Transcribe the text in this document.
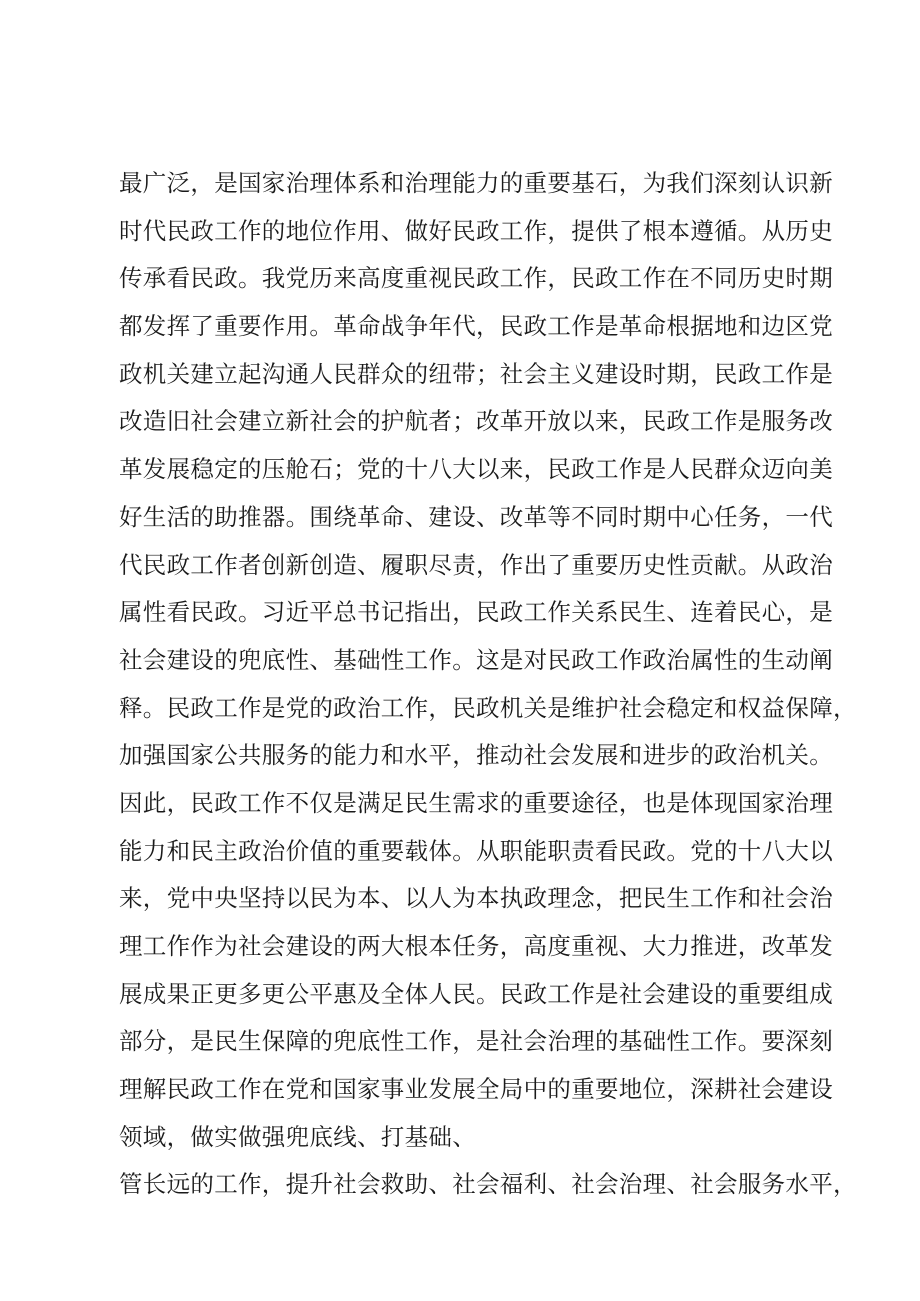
最广泛，是国家治理体系和治理能力的重要基石，为我们深刻认识新
时代民政工作的地位作用、做好民政工作，提供了根本遵循。从历史
传承看民政。我党历来高度重视民政工作，民政工作在不同历史时期
都发挥了重要作用。革命战争年代，民政工作是革命根据地和边区党
政机关建立起沟通人民群众的纽带；社会主义建设时期，民政工作是
改造旧社会建立新社会的护航者；改革开放以来，民政工作是服务改
革发展稳定的压舱石；党的十八大以来，民政工作是人民群众迈向美
好生活的助推器。围绕革命、建设、改革等不同时期中心任务，一代
代民政工作者创新创造、履职尽责，作出了重要历史性贡献。从政治
属性看民政。习近平总书记指出，民政工作关系民生、连着民心，是
社会建设的兜底性、基础性工作。这是对民政工作政治属性的生动阐
释。民政工作是党的政治工作，民政机关是维护社会稳定和权益保障，
加强国家公共服务的能力和水平，推动社会发展和进步的政治机关。
因此，民政工作不仅是满足民生需求的重要途径，也是体现国家治理
能力和民主政治价值的重要载体。从职能职责看民政。党的十八大以
来，党中央坚持以民为本、以人为本执政理念，把民生工作和社会治
理工作作为社会建设的两大根本任务，高度重视、大力推进，改革发
展成果正更多更公平惠及全体人民。民政工作是社会建设的重要组成
部分，是民生保障的兜底性工作，是社会治理的基础性工作。要深刻
理解民政工作在党和国家事业发展全局中的重要地位，深耕社会建设
领域，做实做强兜底线、打基础、
管长远的工作，提升社会救助、社会福利、社会治理、社会服务水平，
